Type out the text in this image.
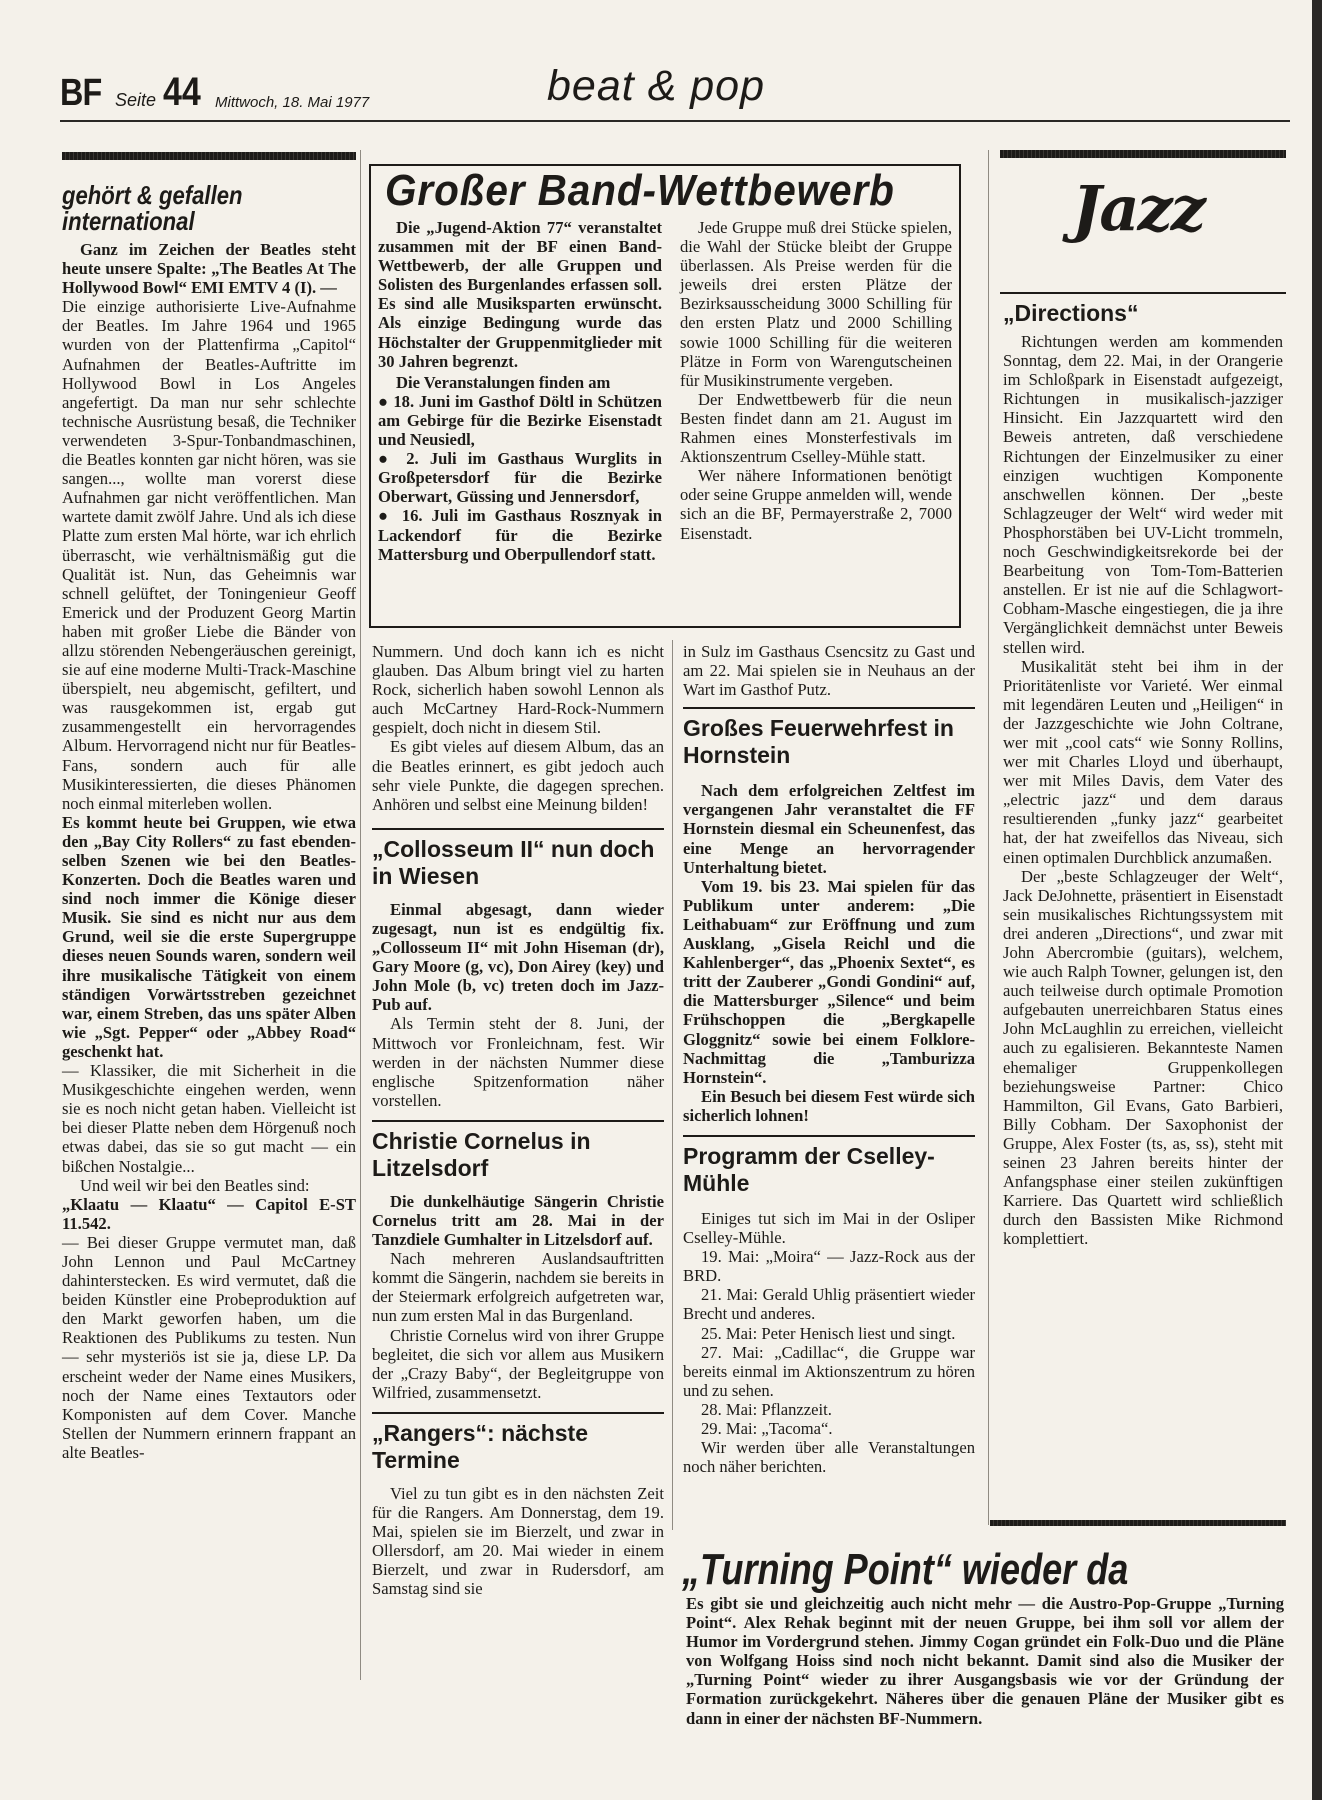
BF Seite 44 Mittwoch, 18. Mai 1977	beat & pop
gehört & gefallen
international

Ganz im Zeichen der Beatles steht heute unsere Spalte: „The Beatles At The Hollywood Bowl“ EMI EMTV 4 (I). —

Die einzige authorisierte Live-Aufnahme der Beatles. Im Jahre 1964 und 1965 wurden von der Plattenfirma „Capitol“ Aufnahmen der Beatles-Auftritte im Hollywood Bowl in Los Angeles angefertigt. Da man nur sehr schlechte technische Ausrüstung besaß, die Techniker verwendeten 3-Spur-Tonbandmaschinen, die Beatles konnten gar nicht hören, was sie sangen..., wollte man vorerst diese Aufnahmen gar nicht veröffentlichen. Man wartete damit zwölf Jahre. Und als ich diese Platte zum ersten Mal hörte, war ich ehrlich überrascht, wie verhältnismäßig gut die Qualität ist. Nun, das Geheimnis war schnell gelüftet, der Toningenieur Geoff Emerick und der Produzent Georg Martin haben mit großer Liebe die Bänder von allzu störenden Nebengeräuschen gereinigt, sie auf eine moderne Multi-Track-Maschine überspielt, neu abgemischt, gefiltert, und was rausgekommen ist, ergab gut zusammengestellt ein hervorragendes Album. Hervorragend nicht nur für Beatles-Fans, sondern auch für alle Musikinteressierten, die dieses Phänomen noch einmal miterleben wollen.

Es kommt heute bei Gruppen, wie etwa den „Bay City Rollers“ zu fast ebenden-selben Szenen wie bei den Beatles-Konzerten. Doch die Beatles waren und sind noch immer die Könige dieser Musik. Sie sind es nicht nur aus dem Grund, weil sie die erste Supergruppe dieses neuen Sounds waren, sondern weil ihre musikalische Tätigkeit von einem ständigen Vorwärtsstreben gezeichnet war, einem Streben, das uns später Alben wie „Sgt. Pepper“ oder „Abbey Road“ geschenkt hat.

— Klassiker, die mit Sicherheit in die Musikgeschichte eingehen werden, wenn sie es noch nicht getan haben. Vielleicht ist bei dieser Platte neben dem Hörgenuß noch etwas dabei, das sie so gut macht — ein bißchen Nostalgie...

Und weil wir bei den Beatles sind:

„Klaatu — Klaatu“ — Capitol E-ST 11.542.

— Bei dieser Gruppe vermutet man, daß John Lennon und Paul McCartney dahinterstecken. Es wird vermutet, daß die beiden Künstler eine Probeproduktion auf den Markt geworfen haben, um die Reaktionen des Publikums zu testen. Nun — sehr mysteriös ist sie ja, diese LP. Da erscheint weder der Name eines Musikers, noch der Name eines Textautors oder Komponisten auf dem Cover. Manche Stellen der Nummern erinnern frappant an alte Beatles-

Großer Band-Wettbewerb

Die „Jugend-Aktion 77“ veranstaltet zusammen mit der BF einen Band-Wettbewerb, der alle Gruppen und Solisten des Burgenlandes erfassen soll. Es sind alle Musiksparten erwünscht. Als einzige Bedingung wurde das Höchstalter der Gruppenmitglieder mit 30 Jahren begrenzt.

Die Veranstalungen finden am

● 18. Juni im Gasthof Döltl in Schützen am Gebirge für die Bezirke Eisenstadt und Neusiedl,

● 2. Juli im Gasthaus Wurglits in Großpetersdorf für die Bezirke Oberwart, Güssing und Jennersdorf,

● 16. Juli im Gasthaus Rosznyak in Lackendorf für die Bezirke Mattersburg und Oberpullendorf statt.

Jede Gruppe muß drei Stücke spielen, die Wahl der Stücke bleibt der Gruppe überlassen. Als Preise werden für die jeweils drei ersten Plätze der Bezirksausscheidung 3000 Schilling für den ersten Platz und 2000 Schilling sowie 1000 Schilling für die weiteren Plätze in Form von Warengutscheinen für Musikinstrumente vergeben.

Der Endwettbewerb für die neun Besten findet dann am 21. August im Rahmen eines Monsterfestivals im Aktionszentrum Cselley-Mühle statt.

Wer nähere Informationen benötigt oder seine Gruppe anmelden will, wende sich an die BF, Permayerstraße 2, 7000 Eisenstadt.

Nummern. Und doch kann ich es nicht glauben. Das Album bringt viel zu harten Rock, sicherlich haben sowohl Lennon als auch McCartney Hard-Rock-Nummern gespielt, doch nicht in diesem Stil.

Es gibt vieles auf diesem Album, das an die Beatles erinnert, es gibt jedoch auch sehr viele Punkte, die dagegen sprechen. Anhören und selbst eine Meinung bilden!

„Collosseum II“ nun doch in Wiesen

Einmal abgesagt, dann wieder zugesagt, nun ist es endgültig fix. „Collosseum II“ mit John Hiseman (dr), Gary Moore (g, vc), Don Airey (key) und John Mole (b, vc) treten doch im Jazz-Pub auf.

Als Termin steht der 8. Juni, der Mittwoch vor Fronleichnam, fest. Wir werden in der nächsten Nummer diese englische Spitzenformation näher vorstellen.

Christie Cornelus in Litzelsdorf

Die dunkelhäutige Sängerin Christie Cornelus tritt am 28. Mai in der Tanzdiele Gumhalter in Litzelsdorf auf.

Nach mehreren Auslandsauftritten kommt die Sängerin, nachdem sie bereits in der Steiermark erfolgreich aufgetreten war, nun zum ersten Mal in das Burgenland.

Christie Cornelus wird von ihrer Gruppe begleitet, die sich vor allem aus Musikern der „Crazy Baby“, der Begleitgruppe von Wilfried, zusammensetzt.

„Rangers“: nächste Termine

Viel zu tun gibt es in den nächsten Zeit für die Rangers. Am Donnerstag, dem 19. Mai, spielen sie im Bierzelt, und zwar in Ollersdorf, am 20. Mai wieder in einem Bierzelt, und zwar in Rudersdorf, am Samstag sind sie

in Sulz im Gasthaus Csencsitz zu Gast und am 22. Mai spielen sie in Neuhaus an der Wart im Gasthof Putz.

Großes Feuerwehrfest in Hornstein

Nach dem erfolgreichen Zeltfest im vergangenen Jahr veranstaltet die FF Hornstein diesmal ein Scheunenfest, das eine Menge an hervorragender Unterhaltung bietet.

Vom 19. bis 23. Mai spielen für das Publikum unter anderem: „Die Leithabuam“ zur Eröffnung und zum Ausklang, „Gisela Reichl und die Kahlenberger“, das „Phoenix Sextet“, es tritt der Zauberer „Gondi Gondini“ auf, die Mattersburger „Silence“ und beim Frühschoppen die „Bergkapelle Gloggnitz“ sowie bei einem Folklore-Nachmittag die „Tamburizza Hornstein“.

Ein Besuch bei diesem Fest würde sich sicherlich lohnen!

Programm der Cselley-Mühle

Einiges tut sich im Mai in der Osliper Cselley-Mühle.

19. Mai: „Moira“ — Jazz-Rock aus der BRD.

21. Mai: Gerald Uhlig präsentiert wieder Brecht und anderes.

25. Mai: Peter Henisch liest und singt.

27. Mai: „Cadillac“, die Gruppe war bereits einmal im Aktionszentrum zu hören und zu sehen.

28. Mai: Pflanzzeit.

29. Mai: „Tacoma“.

Wir werden über alle Veranstaltungen noch näher berichten.

Jazz

„Directions“

Richtungen werden am kommenden Sonntag, dem 22. Mai, in der Orangerie im Schloßpark in Eisenstadt aufgezeigt, Richtungen in musikalisch-jazziger Hinsicht. Ein Jazzquartett wird den Beweis antreten, daß verschiedene Richtungen der Einzelmusiker zu einer einzigen wuchtigen Komponente anschwellen können. Der „beste Schlagzeuger der Welt“ wird weder mit Phosphorstäben bei UV-Licht trommeln, noch Geschwindigkeitsrekorde bei der Bearbeitung von Tom-Tom-Batterien anstellen. Er ist nie auf die Schlagwort-Cobham-Masche eingestiegen, die ja ihre Vergänglichkeit demnächst unter Beweis stellen wird.

Musikalität steht bei ihm in der Prioritätenliste vor Varieté. Wer einmal mit legendären Leuten und „Heiligen“ in der Jazzgeschichte wie John Coltrane, wer mit „cool cats“ wie Sonny Rollins, wer mit Charles Lloyd und überhaupt, wer mit Miles Davis, dem Vater des „electric jazz“ und dem daraus resultierenden „funky jazz“ gearbeitet hat, der hat zweifellos das Niveau, sich einen optimalen Durchblick anzumaßen.

Der „beste Schlagzeuger der Welt“, Jack DeJohnette, präsentiert in Eisenstadt sein musikalisches Richtungssystem mit drei anderen „Directions“, und zwar mit John Abercrombie (guitars), welchem, wie auch Ralph Towner, gelungen ist, den auch teilweise durch optimale Promotion aufgebauten unerreichbaren Status eines John McLaughlin zu erreichen, vielleicht auch zu egalisieren. Bekannteste Namen ehemaliger Gruppenkollegen beziehungsweise Partner: Chico Hammilton, Gil Evans, Gato Barbieri, Billy Cobham. Der Saxophonist der Gruppe, Alex Foster (ts, as, ss), steht mit seinen 23 Jahren bereits hinter der Anfangsphase einer steilen zukünftigen Karriere. Das Quartett wird schließlich durch den Bassisten Mike Richmond komplettiert.

„Turning Point“ wieder da
Es gibt sie und gleichzeitig auch nicht mehr — die Austro-Pop-Gruppe „Turning Point“. Alex Rehak beginnt mit der neuen Gruppe, bei ihm soll vor allem der Humor im Vordergrund stehen. Jimmy Cogan gründet ein Folk-Duo und die Pläne von Wolfgang Hoiss sind noch nicht bekannt. Damit sind also die Musiker der „Turning Point“ wieder zu ihrer Ausgangsbasis wie vor der Gründung der Formation zurückgekehrt. Näheres über die genauen Pläne der Musiker gibt es dann in einer der nächsten BF-Nummern.
